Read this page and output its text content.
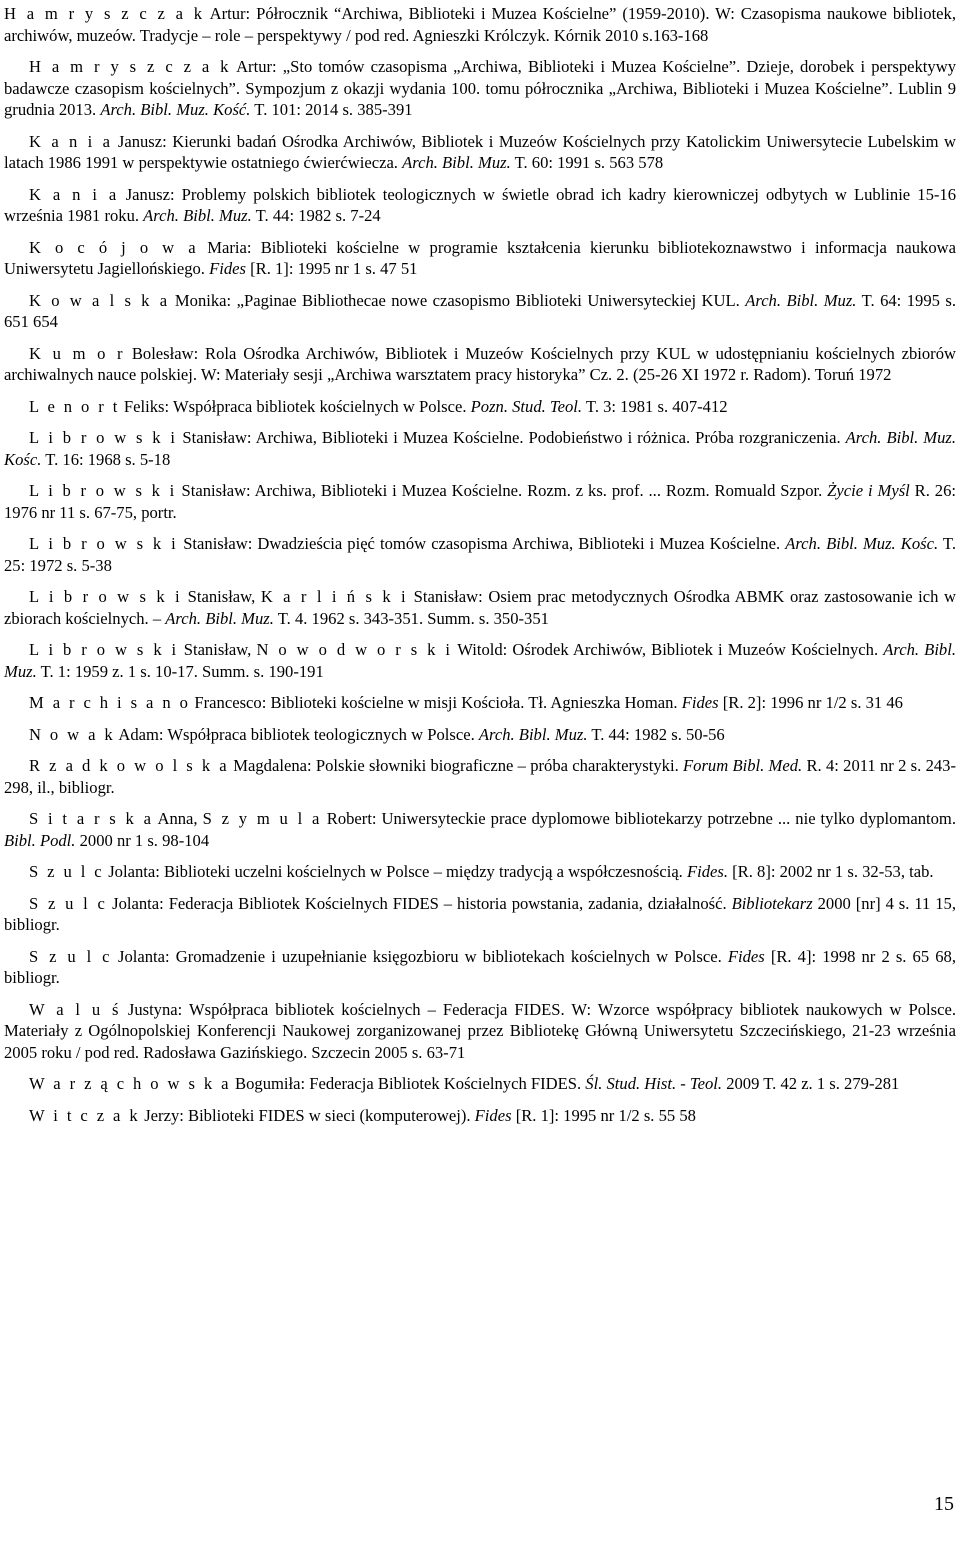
H a m r y s z c z a k Artur: Półrocznik “Archiwa, Biblioteki i Muzea Kościelne” (1959-2010). W: Czasopisma naukowe bibliotek, archiwów, muzeów. Tradycje – role – perspektywy / pod red. Agnieszki Królczyk. Kórnik 2010 s.163-168

H a m r y s z c z a k Artur: „Sto tomów czasopisma „Archiwa, Biblioteki i Muzea Kościelne”. Dzieje, dorobek i perspektywy badawcze czasopism kościelnych”. Sympozjum z okazji wydania 100. tomu półrocznika „Archiwa, Biblioteki i Muzea Kościelne”. Lublin 9 grudnia 2013. Arch. Bibl. Muz. Kość. T. 101: 2014 s. 385-391

K a n i a Janusz: Kierunki badań Ośrodka Archiwów, Bibliotek i Muzeów Kościelnych przy Katolickim Uniwersytecie Lubelskim w latach 1986 1991 w perspektywie ostatniego ćwierćwiecza. Arch. Bibl. Muz. T. 60: 1991 s. 563 578

K a n i a Janusz: Problemy polskich bibliotek teologicznych w świetle obrad ich kadry kierowniczej odbytych w Lublinie 15-16 września 1981 roku. Arch. Bibl. Muz. T. 44: 1982 s. 7-24

K o c ó j o w a Maria: Biblioteki kościelne w programie kształcenia kierunku bibliotekoznawstwo i informacja naukowa Uniwersytetu Jagiellońskiego. Fides [R. 1]: 1995 nr 1 s. 47 51

K o w a l s k a Monika: „Paginae Bibliothecae nowe czasopismo Biblioteki Uniwersyteckiej KUL. Arch. Bibl. Muz. T. 64: 1995 s. 651 654

K u m o r Bolesław: Rola Ośrodka Archiwów, Bibliotek i Muzeów Kościelnych przy KUL w udostępnianiu kościelnych zbiorów archiwalnych nauce polskiej. W: Materiały sesji „Archiwa warsztatem pracy historyka” Cz. 2. (25-26 XI 1972 r. Radom). Toruń 1972

L e n o r t Feliks: Współpraca bibliotek kościelnych w Polsce. Pozn. Stud. Teol. T. 3: 1981 s. 407-412

L i b r o w s k i Stanisław: Archiwa, Biblioteki i Muzea Kościelne. Podobieństwo i różnica. Próba rozgraniczenia. Arch. Bibl. Muz. Kośc. T. 16: 1968 s. 5-18

L i b r o w s k i Stanisław: Archiwa, Biblioteki i Muzea Kościelne. Rozm. z ks. prof. ... Rozm. Romuald Szpor. Życie i Myśl R. 26: 1976 nr 11 s. 67-75, portr.

L i b r o w s k i Stanisław: Dwadzieścia pięć tomów czasopisma Archiwa, Biblioteki i Muzea Kościelne. Arch. Bibl. Muz. Kośc. T. 25: 1972 s. 5-38

L i b r o w s k i Stanisław, K a r l i ń s k i Stanisław: Osiem prac metodycznych Ośrodka ABMK oraz zastosowanie ich w zbiorach kościelnych. – Arch. Bibl. Muz. T. 4. 1962 s. 343-351. Summ. s. 350-351

L i b r o w s k i Stanisław, N o w o d w o r s k i Witold: Ośrodek Archiwów, Bibliotek i Muzeów Kościelnych. Arch. Bibl. Muz. T. 1: 1959 z. 1 s. 10-17. Summ. s. 190-191

M a r c h i s a n o Francesco: Biblioteki kościelne w misji Kościoła. Tł. Agnieszka Homan. Fides [R. 2]: 1996 nr 1/2 s. 31 46

N o w a k Adam: Współpraca bibliotek teologicznych w Polsce. Arch. Bibl. Muz. T. 44: 1982 s. 50-56

R z a d k o w o l s k a Magdalena: Polskie słowniki biograficzne – próba charakterystyki. Forum Bibl. Med. R. 4: 2011 nr 2 s. 243-298, il., bibliogr.

S i t a r s k a Anna, S z y m u l a Robert: Uniwersyteckie prace dyplomowe bibliotekarzy potrzebne ... nie tylko dyplomantom. Bibl. Podl. 2000 nr 1 s. 98-104

S z u l c Jolanta: Biblioteki uczelni kościelnych w Polsce – między tradycją a współczesnością. Fides. [R. 8]: 2002 nr 1 s. 32-53, tab.

S z u l c Jolanta: Federacja Bibliotek Kościelnych FIDES – historia powstania, zadania, działalność. Bibliotekarz 2000 [nr] 4 s. 11 15, bibliogr.

S z u l c Jolanta: Gromadzenie i uzupełnianie księgozbioru w bibliotekach kościelnych w Polsce. Fides [R. 4]: 1998 nr 2 s. 65 68, bibliogr.

W a l u ś Justyna: Współpraca bibliotek kościelnych – Federacja FIDES. W: Wzorce współpracy bibliotek naukowych w Polsce. Materiały z Ogólnopolskiej Konferencji Naukowej zorganizowanej przez Bibliotekę Główną Uniwersytetu Szczecińskiego, 21-23 września 2005 roku / pod red. Radosława Gazińskiego. Szczecin 2005 s. 63-71

W a r z ą c h o w s k a Bogumiła: Federacja Bibliotek Kościelnych FIDES. Śl. Stud. Hist. - Teol. 2009 T. 42 z. 1 s. 279-281

W i t c z a k Jerzy: Biblioteki FIDES w sieci (komputerowej). Fides [R. 1]: 1995 nr 1/2 s. 55 58

15
